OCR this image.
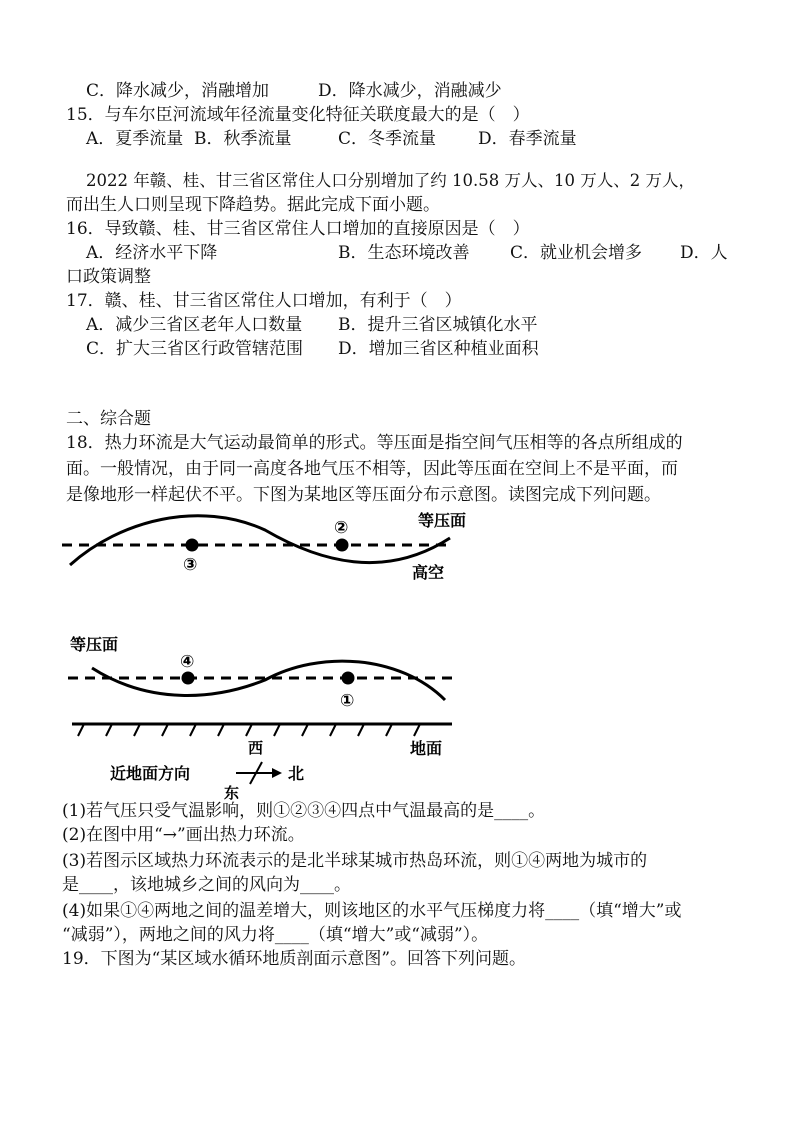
C．降水减少，消融增加	D．降水减少，消融减少
15．与车尔臣河流域年径流量变化特征关联度最大的是（　）
A．夏季流量 B．秋季流量	C．冬季流量 D．春季流量
2022 年赣、桂、甘三省区常住人口分别增加了约 10.58 万人、10 万人、2 万人，
而出生人口则呈现下降趋势。据此完成下面小题。
16．导致赣、桂、甘三省区常住人口增加的直接原因是（　）
A．经济水平下降	B．生态环境改善 C．就业机会增多 D．人
口政策调整
17．赣、桂、甘三省区常住人口增加，有利于（　）
A．减少三省区老年人口数量 B．提升三省区城镇化水平
C．扩大三省区行政管辖范围 D．增加三省区种植业面积
二、综合题
18．热力环流是大气运动最简单的形式。等压面是指空间气压相等的各点所组成的
面。一般情况，由于同一高度各地气压不相等，因此等压面在空间上不是平面，而
是像地形一样起伏不平。下图为某地区等压面分布示意图。读图完成下列问题。
②
③
等压面
高空
等压面
④
①
地面
近地面方向
西
北
东
(1)若气压只受气温影响，则①②③④四点中气温最高的是____。
(2)在图中用“→”画出热力环流。
(3)若图示区域热力环流表示的是北半球某城市热岛环流，则①④两地为城市的
是____，该地城乡之间的风向为____。
(4)如果①④两地之间的温差增大，则该地区的水平气压梯度力将____（填“增大”或
“减弱”），两地之间的风力将____（填“增大”或“减弱”）。
19．下图为“某区域水循环地质剖面示意图”。回答下列问题。
